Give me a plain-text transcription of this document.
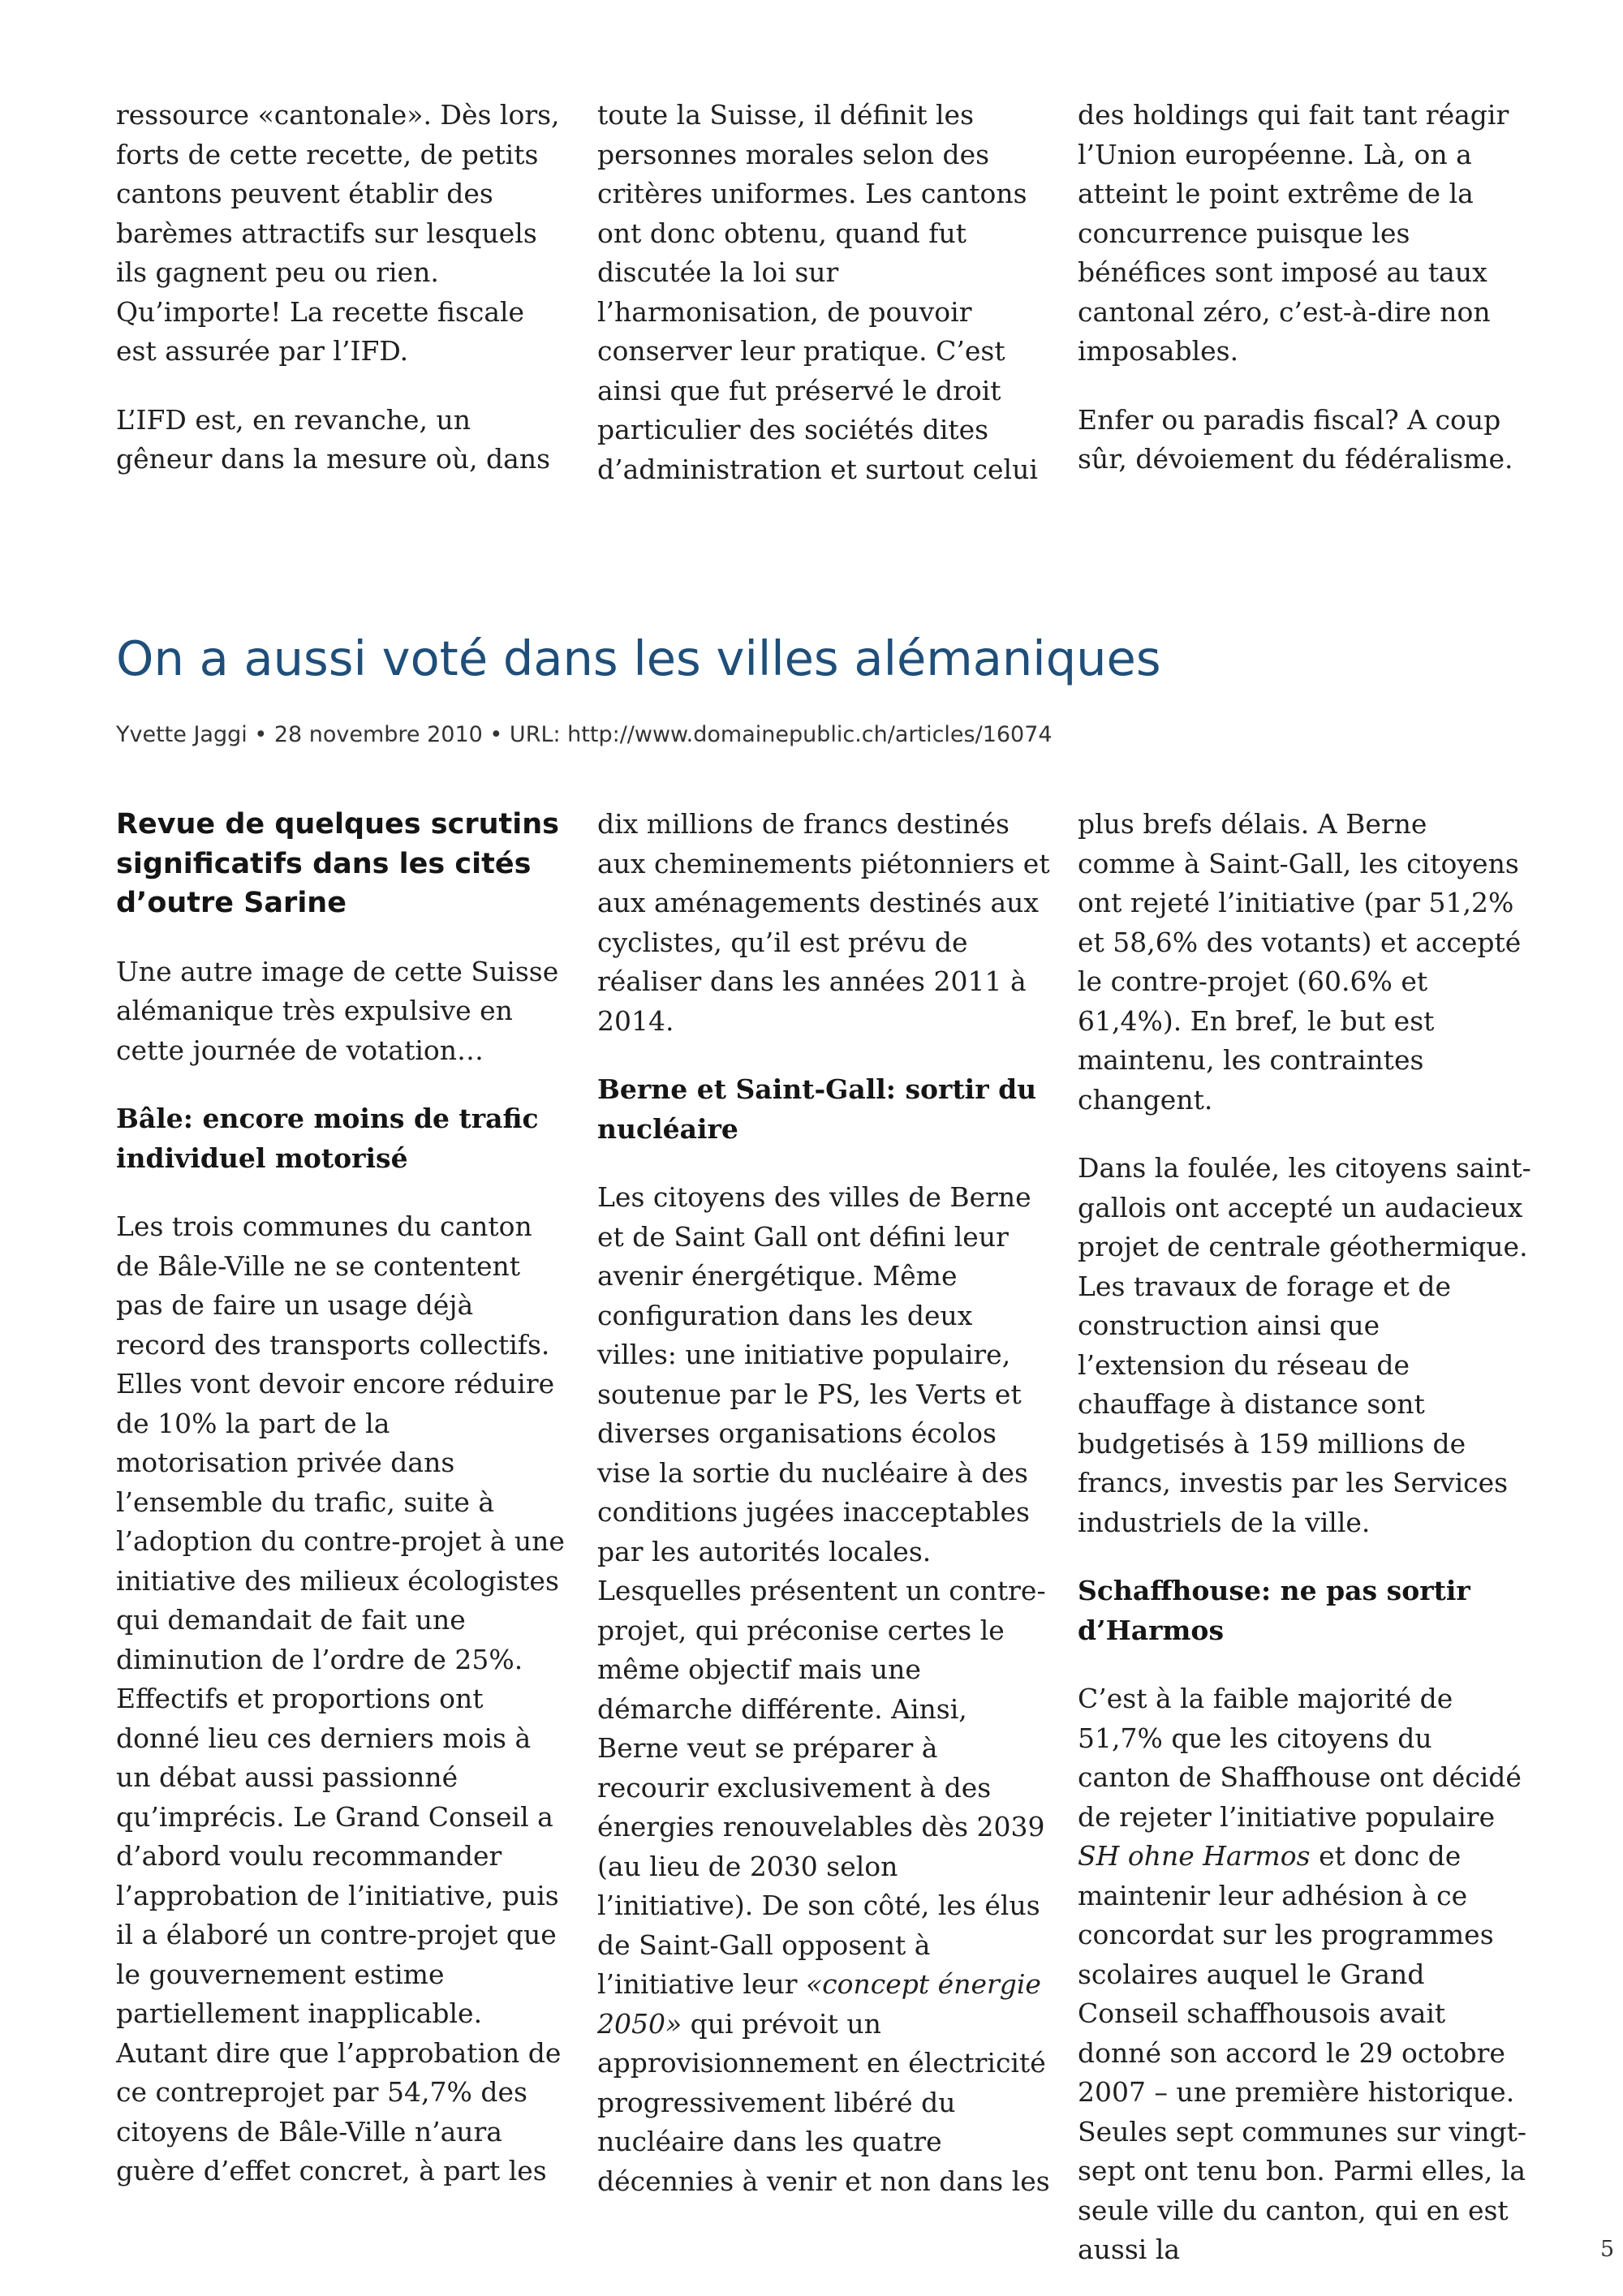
ressource «cantonale». Dès lors, forts de cette recette, de petits cantons peuvent établir des barèmes attractifs sur lesquels ils gagnent peu ou rien. Qu’importe! La recette fiscale est assurée par l’IFD.

L’IFD est, en revanche, un gêneur dans la mesure où, dans

toute la Suisse, il définit les personnes morales selon des critères uniformes. Les cantons ont donc obtenu, quand fut discutée la loi sur l’harmonisation, de pouvoir conserver leur pratique. C’est ainsi que fut préservé le droit particulier des sociétés dites d’administration et surtout celui

des holdings qui fait tant réagir l’Union européenne. Là, on a atteint le point extrême de la concurrence puisque les bénéfices sont imposé au taux cantonal zéro, c’est-à-dire non imposables.

Enfer ou paradis fiscal? A coup sûr, dévoiement du fédéralisme.

On a aussi voté dans les villes alémaniques
Yvette Jaggi • 28 novembre 2010 • URL: http://www.domainepublic.ch/articles/16074
Revue de quelques scrutins significatifs dans les cités d’outre Sarine

Une autre image de cette Suisse alémanique très expulsive en cette journée de votation…

Bâle: encore moins de trafic individuel motorisé

Les trois communes du canton de Bâle-Ville ne se contentent pas de faire un usage déjà record des transports collectifs. Elles vont devoir encore réduire de 10% la part de la motorisation privée dans l’ensemble du trafic, suite à l’adoption du contre-projet à une initiative des milieux écologistes qui demandait de fait une diminution de l’ordre de 25%. Effectifs et proportions ont donné lieu ces derniers mois à un débat aussi passionné qu’imprécis. Le Grand Conseil a d’abord voulu recommander l’approbation de l’initiative, puis il a élaboré un contre-projet que le gouvernement estime partiellement inapplicable. Autant dire que l’approbation de ce contreprojet par 54,7% des citoyens de Bâle-Ville n’aura guère d’effet concret, à part les

dix millions de francs destinés aux cheminements piétonniers et aux aménagements destinés aux cyclistes, qu’il est prévu de réaliser dans les années 2011 à 2014.

Berne et Saint-Gall: sortir du nucléaire

Les citoyens des villes de Berne et de Saint Gall ont défini leur avenir énergétique. Même configuration dans les deux villes: une initiative populaire, soutenue par le PS, les Verts et diverses organisations écolos vise la sortie du nucléaire à des conditions jugées inacceptables par les autorités locales. Lesquelles présentent un contre-projet, qui préconise certes le même objectif mais une démarche différente. Ainsi, Berne veut se préparer à recourir exclusivement à des énergies renouvelables dès 2039 (au lieu de 2030 selon l’initiative). De son côté, les élus de Saint-Gall opposent à l’initiative leur «concept énergie 2050» qui prévoit un approvisionnement en électricité progressivement libéré du nucléaire dans les quatre décennies à venir et non dans les

plus brefs délais. A Berne comme à Saint-Gall, les citoyens ont rejeté l’initiative (par 51,2% et 58,6% des votants) et accepté le contre-projet (60.6% et 61,4%). En bref, le but est maintenu, les contraintes changent.

Dans la foulée, les citoyens saint-gallois ont accepté un audacieux projet de centrale géothermique. Les travaux de forage et de construction ainsi que l’extension du réseau de chauffage à distance sont budgetisés à 159 millions de francs, investis par les Services industriels de la ville.

Schaffhouse: ne pas sortir d’Harmos

C’est à la faible majorité de 51,7% que les citoyens du canton de Shaffhouse ont décidé de rejeter l’initiative populaire SH ohne Harmos et donc de maintenir leur adhésion à ce concordat sur les programmes scolaires auquel le Grand Conseil schaffhousois avait donné son accord le 29 octobre 2007 – une première historique. Seules sept communes sur vingt-sept ont tenu bon. Parmi elles, la seule ville du canton, qui en est aussi la	5
